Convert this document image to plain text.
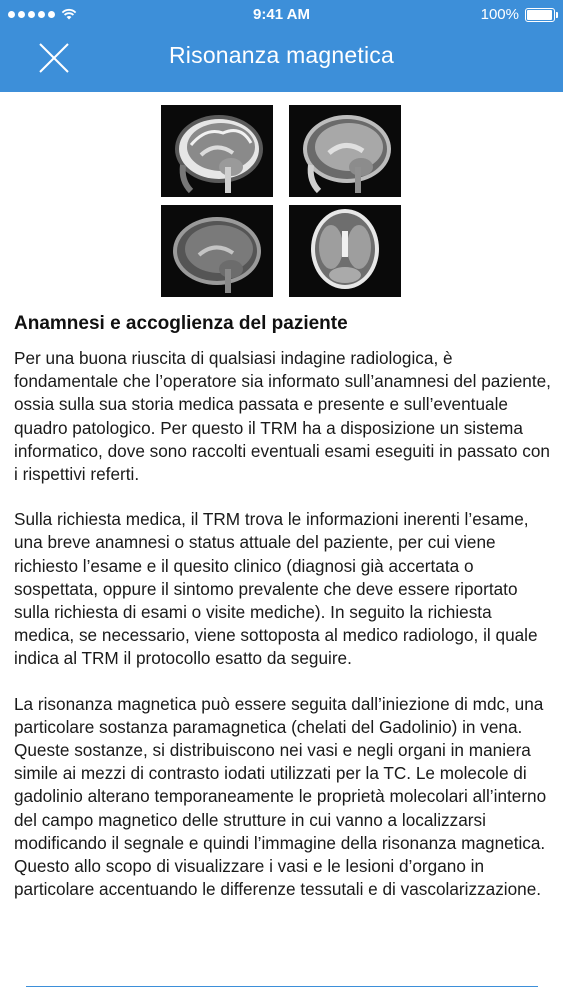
9:41 AM	100%
Risonanza magnetica
Anamnesi e accoglienza del paziente

Per una buona riuscita di qualsiasi indagine radiologica, è fondamentale che l’operatore sia informato sull’anamnesi del paziente, ossia sulla sua storia medica passata e presente e sull’eventuale quadro patologico. Per questo il TRM ha a disposizione un sistema informatico, dove sono raccolti eventuali esami eseguiti in passato con i rispettivi referti.

Sulla richiesta medica, il TRM trova le informazioni inerenti l’esame, una breve anamnesi o status attuale del paziente, per cui viene richiesto l’esame e il quesito clinico (diagnosi già accertata o sospettata, oppure il sintomo prevalente che deve essere riportato sulla richiesta di esami o visite mediche). In seguito la richiesta medica, se necessario, viene sottoposta al medico radiologo, il quale indica al TRM il protocollo esatto da seguire.

La risonanza magnetica può essere seguita dall’iniezione di mdc, una particolare sostanza paramagnetica (chelati del Gadolinio) in vena.

Queste sostanze, si distribuiscono nei vasi e negli organi in maniera simile ai mezzi di contrasto iodati utilizzati per la TC. Le molecole di gadolinio alterano temporaneamente le proprietà molecolari all’interno del campo magnetico delle strutture in cui vanno a localizzarsi modificando il segnale e quindi l’immagine della risonanza magnetica. Questo allo scopo di visualizzare i vasi e le lesioni d’organo in particolare accentuando le differenze tessutali e di vascolarizzazione.
